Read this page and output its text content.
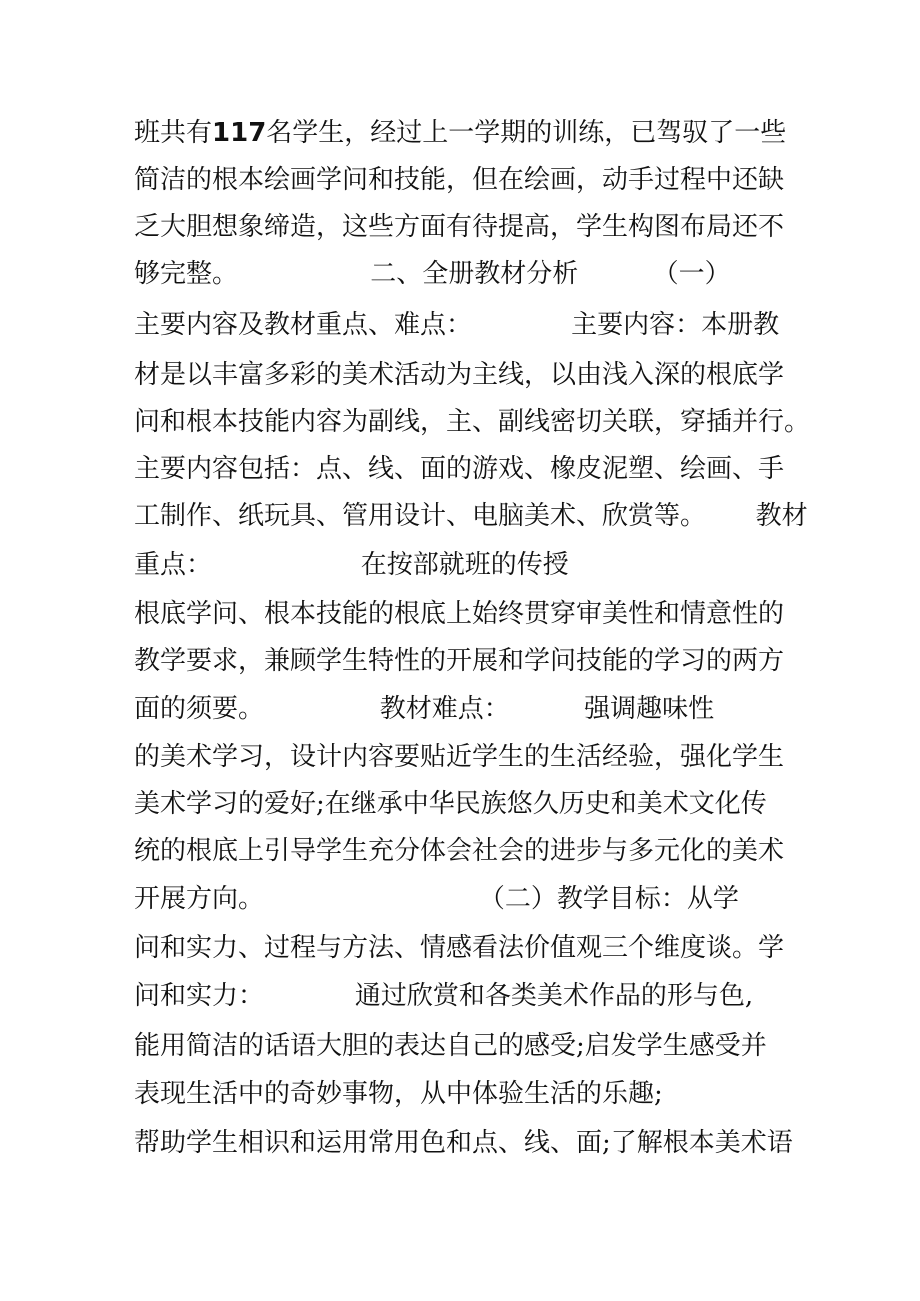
班共有117名学生，经过上一学期的训练，已驾驭了一些
简洁的根本绘画学问和技能，但在绘画，动手过程中还缺
乏大胆想象缔造，这些方面有待提高，学生构图布局还不
够完整。                二、全册教材分析         （一）
主要内容及教材重点、难点：            主要内容：本册教
材是以丰富多彩的美术活动为主线，以由浅入深的根底学
问和根本技能内容为副线，主、副线密切关联，穿插并行。
主要内容包括：点、线、面的游戏、橡皮泥塑、绘画、手
工制作、纸玩具、管用设计、电脑美术、欣赏等。      教材
重点：                  在按部就班的传授
根底学问、根本技能的根底上始终贯穿审美性和情意性的
教学要求，兼顾学生特性的开展和学问技能的学习的两方
面的须要。              教材难点：         强调趣味性
的美术学习，设计内容要贴近学生的生活经验，强化学生
美术学习的爱好;在继承中华民族悠久历史和美术文化传
统的根底上引导学生充分体会社会的进步与多元化的美术
开展方向。                          （二）教学目标：从学
问和实力、过程与方法、情感看法价值观三个维度谈。学
问和实力：           通过欣赏和各类美术作品的形与色,
能用简洁的话语大胆的表达自己的感受;启发学生感受并
表现生活中的奇妙事物，从中体验生活的乐趣;
帮助学生相识和运用常用色和点、线、面;了解根本美术语
